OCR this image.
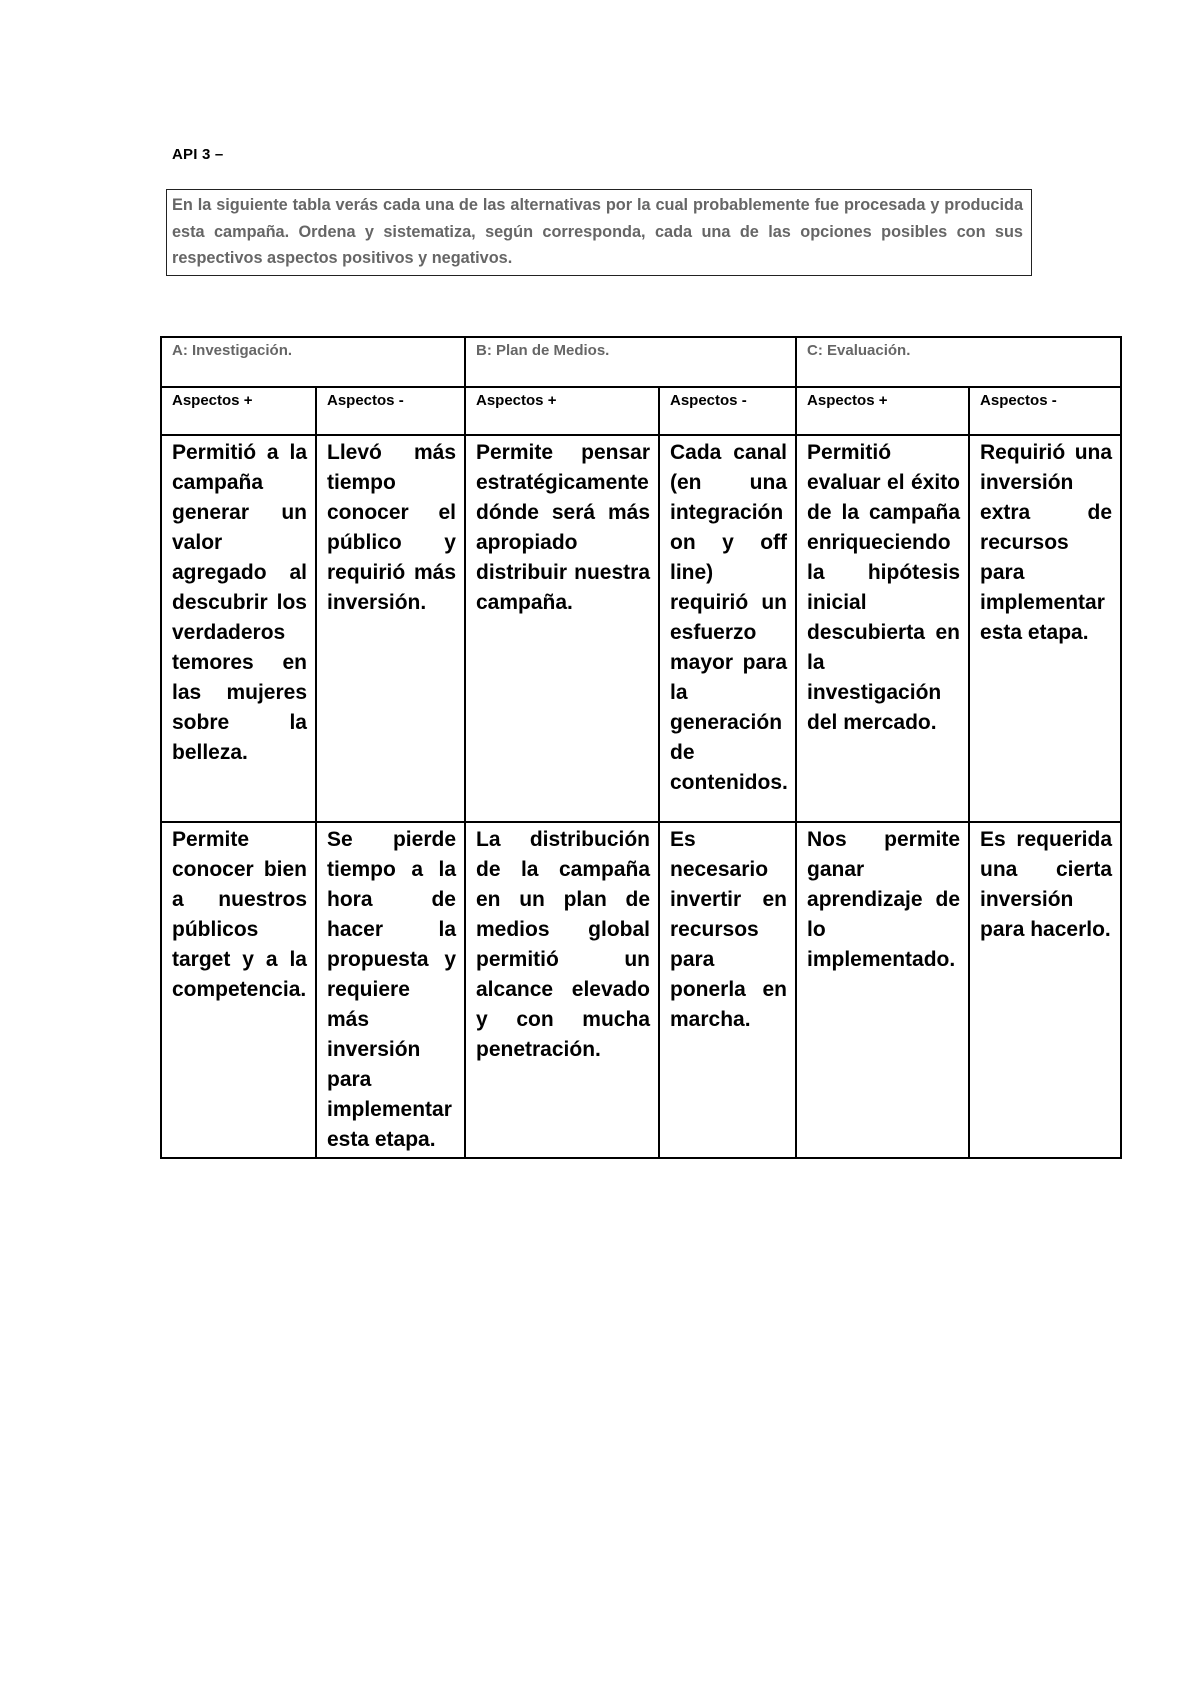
API 3 –
En la siguiente tabla verás cada una de las alternativas por la cual probablemente fue procesada y producida esta campaña. Ordena y sistematiza, según corresponda, cada una de las opciones posibles con sus respectivos aspectos positivos y negativos.
A: Investigación.		B: Plan de Medios.		C: Evaluación.	
Aspectos +	Aspectos -	Aspectos +	Aspectos -	Aspectos +	Aspectos -
Permitió a la campaña generar un valor agregado al descubrir los verdaderos temores en las mujeres sobre la belleza.	Llevó más tiempo conocer el público y requirió más inversión.	Permite pensar estratégicamente dónde será más apropiado distribuir nuestra campaña.	Cada canal (en una integración on y off line) requirió un esfuerzo mayor para la generación de contenidos.	Permitió evaluar el éxito de la campaña enriqueciendo la hipótesis inicial descubierta en la investigación del mercado.	Requirió una inversión extra de recursos para implementar esta etapa.
Permite conocer bien a nuestros públicos target y a la competencia.	Se pierde tiempo a la hora de hacer la propuesta y requiere más inversión para implementar esta etapa.	La distribución de la campaña en un plan de medios global permitió un alcance elevado y con mucha penetración.	Es necesario invertir en recursos para ponerla en marcha.	Nos permite ganar aprendizaje de lo implementado.	Es requerida una cierta inversión para hacerlo.
